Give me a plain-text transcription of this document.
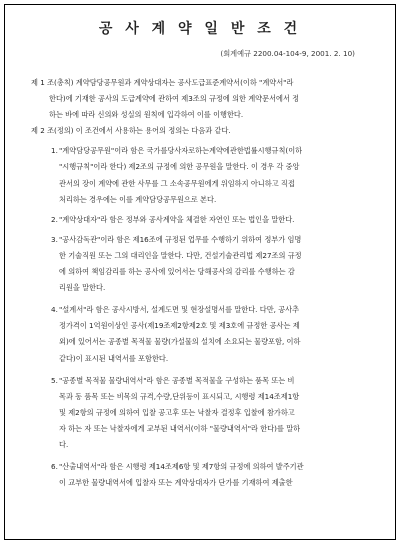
공 사 계 약 일 반 조 건
(회계예규 2200.04-104-9, 2001. 2. 10)

제 1 조(총칙) 계약담당공무원과 계약상대자는 공사도급표준계약서(이하 "계약서"라

한다)에 기재한 공사의 도급계약에 관하여 제3조의 규정에 의한 계약문서에서 정

하는 바에 따라 신의와 성실의 원칙에 입각하여 이를 이행한다.

제 2 조(정의) 이 조건에서 사용하는 용어의 정의는 다음과 같다.

1. "계약담당공무원"이라 함은 국가를당사자로하는계약에관한법률시행규칙(이하

"시행규칙"이라 한다) 제2조의 규정에 의한 공무원을 말한다. 이 경우 각 중앙

관서의 장이 계약에 관한 사무를 그 소속공무원에게 위임하지 아니하고 직접

처리하는 경우에는 이를 계약담당공무원으로 본다.

2. "계약상대자"라 함은 정부와 공사계약을 체결한 자연인 또는 법인을 말한다.

3. "공사감독관"이라 함은 제16조에 규정된 업무를 수행하기 위하여 정부가 임명

한 기술직원 또는 그의 대리인을 말한다. 다만, 건설기술관리법 제27조의 규정

에 의하여 책임감리를 하는 공사에 있어서는 당해공사의 감리를 수행하는 감

리원을 말한다.

4. "설계서"라 함은 공사시방서, 설계도면 및 현장설명서를 말한다. 다만, 공사추

정가격이 1억원이상인 공사(제19조제2항제2호 및 제3호에 규정한 공사는 제

외)에 있어서는 공종별 목적물 물량(가설물의 설치에 소요되는 물량포함, 이하

같다)이 표시된 내역서를 포함한다.

5. "공종별 목적물 물량내역서"라 함은 공종별 목적물을 구성하는 품목 또는 비

목과 동 품목 또는 비목의 규격,수량,단위등이 표시되고, 시행령 제14조제1항

및 제2항의 규정에 의하여 입찰 공고후 또는 낙찰자 결정후 입찰에 참가하고

자 하는 자 또는 낙찰자에게 교부된 내역서(이하 "물량내역서"라 한다)를 말하

다.

6. "산출내역서"라 함은 시행령 제14조제6항 및 제7항의 규정에 의하여 발주기관

이 교부한 물량내역서에 입찰자 또는 계약상대자가 단가를 기재하여 제출한
